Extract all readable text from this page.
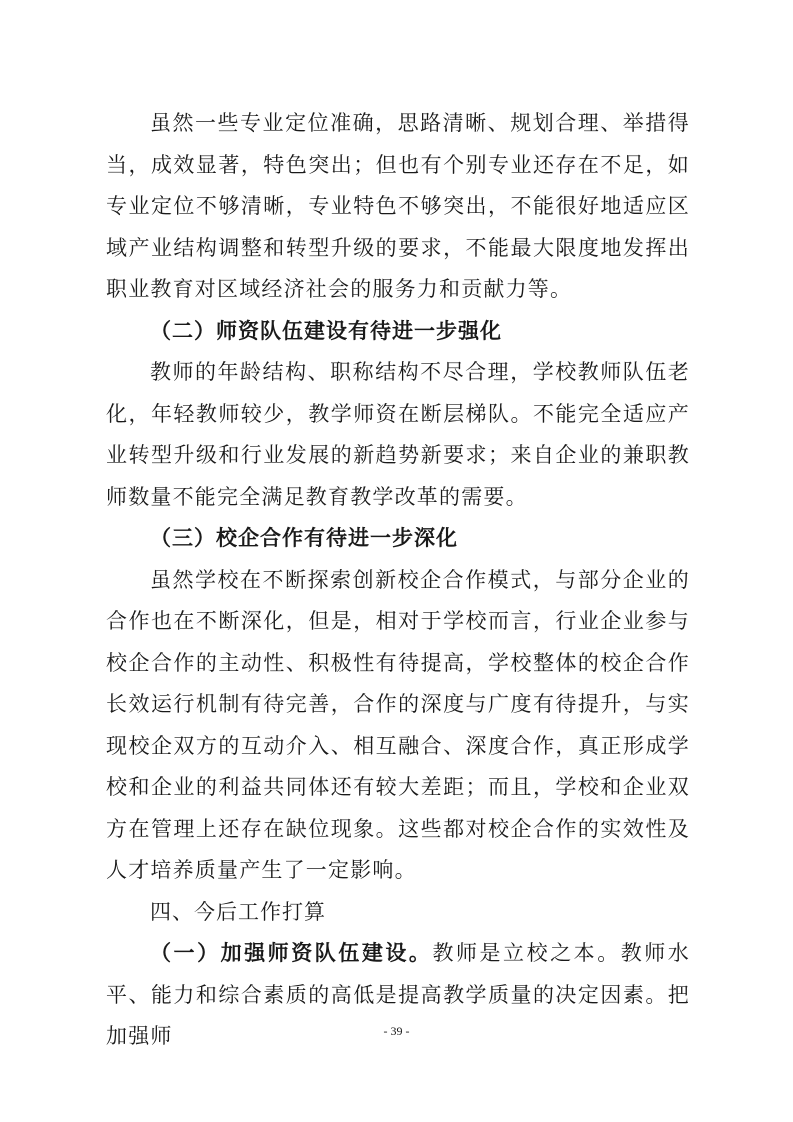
虽然一些专业定位准确，思路清晰、规划合理、举措得当，成效显著，特色突出；但也有个别专业还存在不足，如专业定位不够清晰，专业特色不够突出，不能很好地适应区域产业结构调整和转型升级的要求，不能最大限度地发挥出职业教育对区域经济社会的服务力和贡献力等。

（二）师资队伍建设有待进一步强化

教师的年龄结构、职称结构不尽合理，学校教师队伍老化，年轻教师较少，教学师资在断层梯队。不能完全适应产业转型升级和行业发展的新趋势新要求；来自企业的兼职教师数量不能完全满足教育教学改革的需要。

（三）校企合作有待进一步深化

虽然学校在不断探索创新校企合作模式，与部分企业的合作也在不断深化，但是，相对于学校而言，行业企业参与校企合作的主动性、积极性有待提高，学校整体的校企合作长效运行机制有待完善，合作的深度与广度有待提升，与实现校企双方的互动介入、相互融合、深度合作，真正形成学校和企业的利益共同体还有较大差距；而且，学校和企业双方在管理上还存在缺位现象。这些都对校企合作的实效性及人才培养质量产生了一定影响。

四、今后工作打算

（一）加强师资队伍建设。教师是立校之本。教师水平、能力和综合素质的高低是提高教学质量的决定因素。把加强师	- 39 -
